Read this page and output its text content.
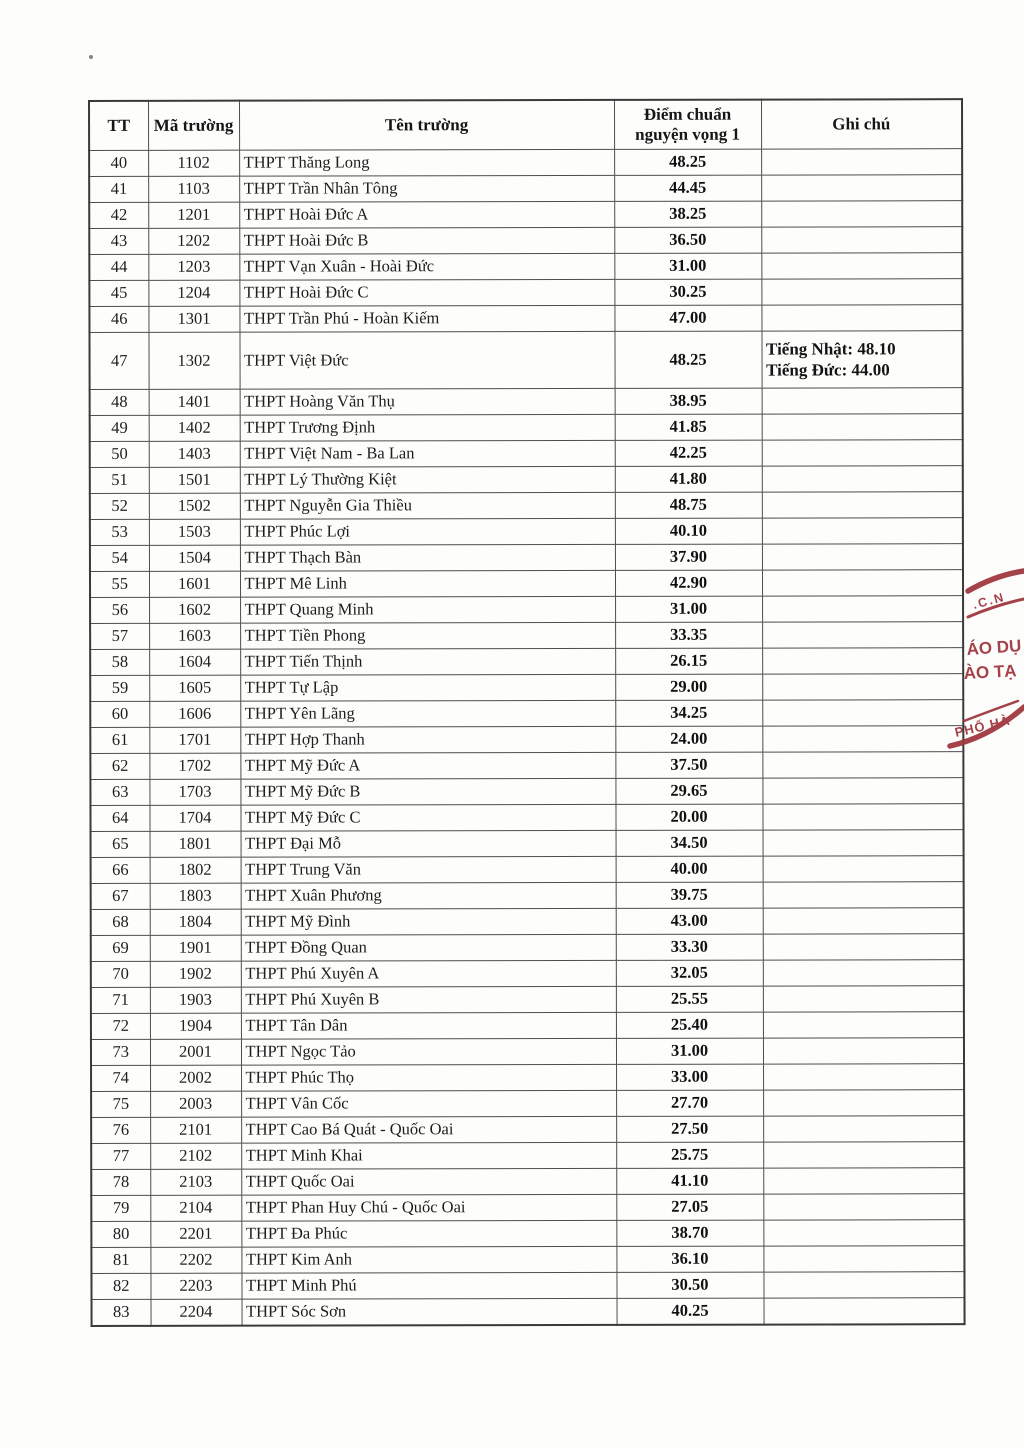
TT	Mã trường	Tên trường	Điểm chuẩn nguyện vọng 1	Ghi chú
40	1102	THPT Thăng Long	48.25	
41	1103	THPT Trần Nhân Tông	44.45	
42	1201	THPT Hoài Đức A	38.25	
43	1202	THPT Hoài Đức B	36.50	
44	1203	THPT Vạn Xuân - Hoài Đức	31.00	
45	1204	THPT Hoài Đức C	30.25	
46	1301	THPT Trần Phú - Hoàn Kiếm	47.00	
47	1302	THPT Việt Đức	48.25	Tiếng Nhật: 48.10
Tiếng Đức: 44.00

48	1401	THPT Hoàng Văn Thụ	38.95	
49	1402	THPT Trương Định	41.85	
50	1403	THPT Việt Nam - Ba Lan	42.25	
51	1501	THPT Lý Thường Kiệt	41.80	
52	1502	THPT Nguyễn Gia Thiều	48.75	
53	1503	THPT Phúc Lợi	40.10	
54	1504	THPT Thạch Bàn	37.90	
55	1601	THPT Mê Linh	42.90	
56	1602	THPT Quang Minh	31.00	
57	1603	THPT Tiền Phong	33.35	
58	1604	THPT Tiến Thịnh	26.15	
59	1605	THPT Tự Lập	29.00	
60	1606	THPT Yên Lãng	34.25	
61	1701	THPT Hợp Thanh	24.00	
62	1702	THPT Mỹ Đức A	37.50	
63	1703	THPT Mỹ Đức B	29.65	
64	1704	THPT Mỹ Đức C	20.00	
65	1801	THPT Đại Mỗ	34.50	
66	1802	THPT Trung Văn	40.00	
67	1803	THPT Xuân Phương	39.75	
68	1804	THPT Mỹ Đình	43.00	
69	1901	THPT Đồng Quan	33.30	
70	1902	THPT Phú Xuyên A	32.05	
71	1903	THPT Phú Xuyên B	25.55	
72	1904	THPT Tân Dân	25.40	
73	2001	THPT Ngọc Tảo	31.00	
74	2002	THPT Phúc Thọ	33.00	
75	2003	THPT Vân Cốc	27.70	
76	2101	THPT Cao Bá Quát - Quốc Oai	27.50	
77	2102	THPT Minh Khai	25.75	
78	2103	THPT Quốc Oai	41.10	
79	2104	THPT Phan Huy Chú - Quốc Oai	27.05	
80	2201	THPT Đa Phúc	38.70	
81	2202	THPT Kim Anh	36.10	
82	2203	THPT Minh Phú	30.50	
83	2204	THPT Sóc Sơn	40.25	
.C.N
ÁO DỤ
ÀO TẠ
PHỐ HÀ
